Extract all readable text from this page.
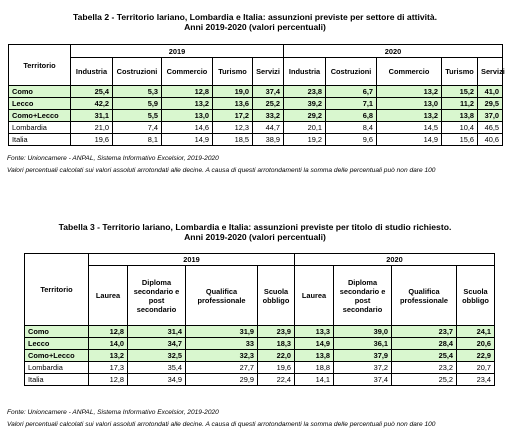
Tabella 2 - Territorio lariano, Lombardia e Italia: assunzioni previste per settore di attività.
Anni 2019-2020 (valori percentuali)
Territorio	2019					2020				
	Industria	Costruzioni	Commercio	Turismo	Servizi	Industria	Costruzioni	Commercio	Turismo	Servizi
Como	25,4	5,3	12,8	19,0	37,4	23,8	6,7	13,2	15,2	41,0
Lecco	42,2	5,9	13,2	13,6	25,2	39,2	7,1	13,0	11,2	29,5
Como+Lecco	31,1	5,5	13,0	17,2	33,2	29,2	6,8	13,2	13,8	37,0
Lombardia	21,0	7,4	14,6	12,3	44,7	20,1	8,4	14,5	10,4	46,5
Italia	19,6	8,1	14,9	18,5	38,9	19,2	9,6	14,9	15,6	40,6
Fonte: Unioncamere - ANPAL, Sistema Informativo Excelsior, 2019-2020
Valori percentuali calcolati sui valori assoluti arrotondati alle decine. A causa di questi arrotondamenti la somma delle percentuali può non dare 100
Tabella 3 - Territorio lariano, Lombardia e Italia: assunzioni previste per titolo di studio richiesto.
Anni 2019-2020 (valori percentuali)
Territorio	2019				2020			
	Laurea	Diploma secondario e post secondario	Qualifica professionale	Scuola obbligo	Laurea	Diploma secondario e post secondario	Qualifica professionale	Scuola obbligo
Como	12,8	31,4	31,9	23,9	13,3	39,0	23,7	24,1
Lecco	14,0	34,7	33	18,3	14,9	36,1	28,4	20,6
Como+Lecco	13,2	32,5	32,3	22,0	13,8	37,9	25,4	22,9
Lombardia	17,3	35,4	27,7	19,6	18,8	37,2	23,2	20,7
Italia	12,8	34,9	29,9	22,4	14,1	37,4	25,2	23,4
Fonte: Unioncamere - ANPAL, Sistema Informativo Excelsior, 2019-2020
Valori percentuali calcolati sui valori assoluti arrotondati alle decine. A causa di questi arrotondamenti la somma delle percentuali può non dare 100
